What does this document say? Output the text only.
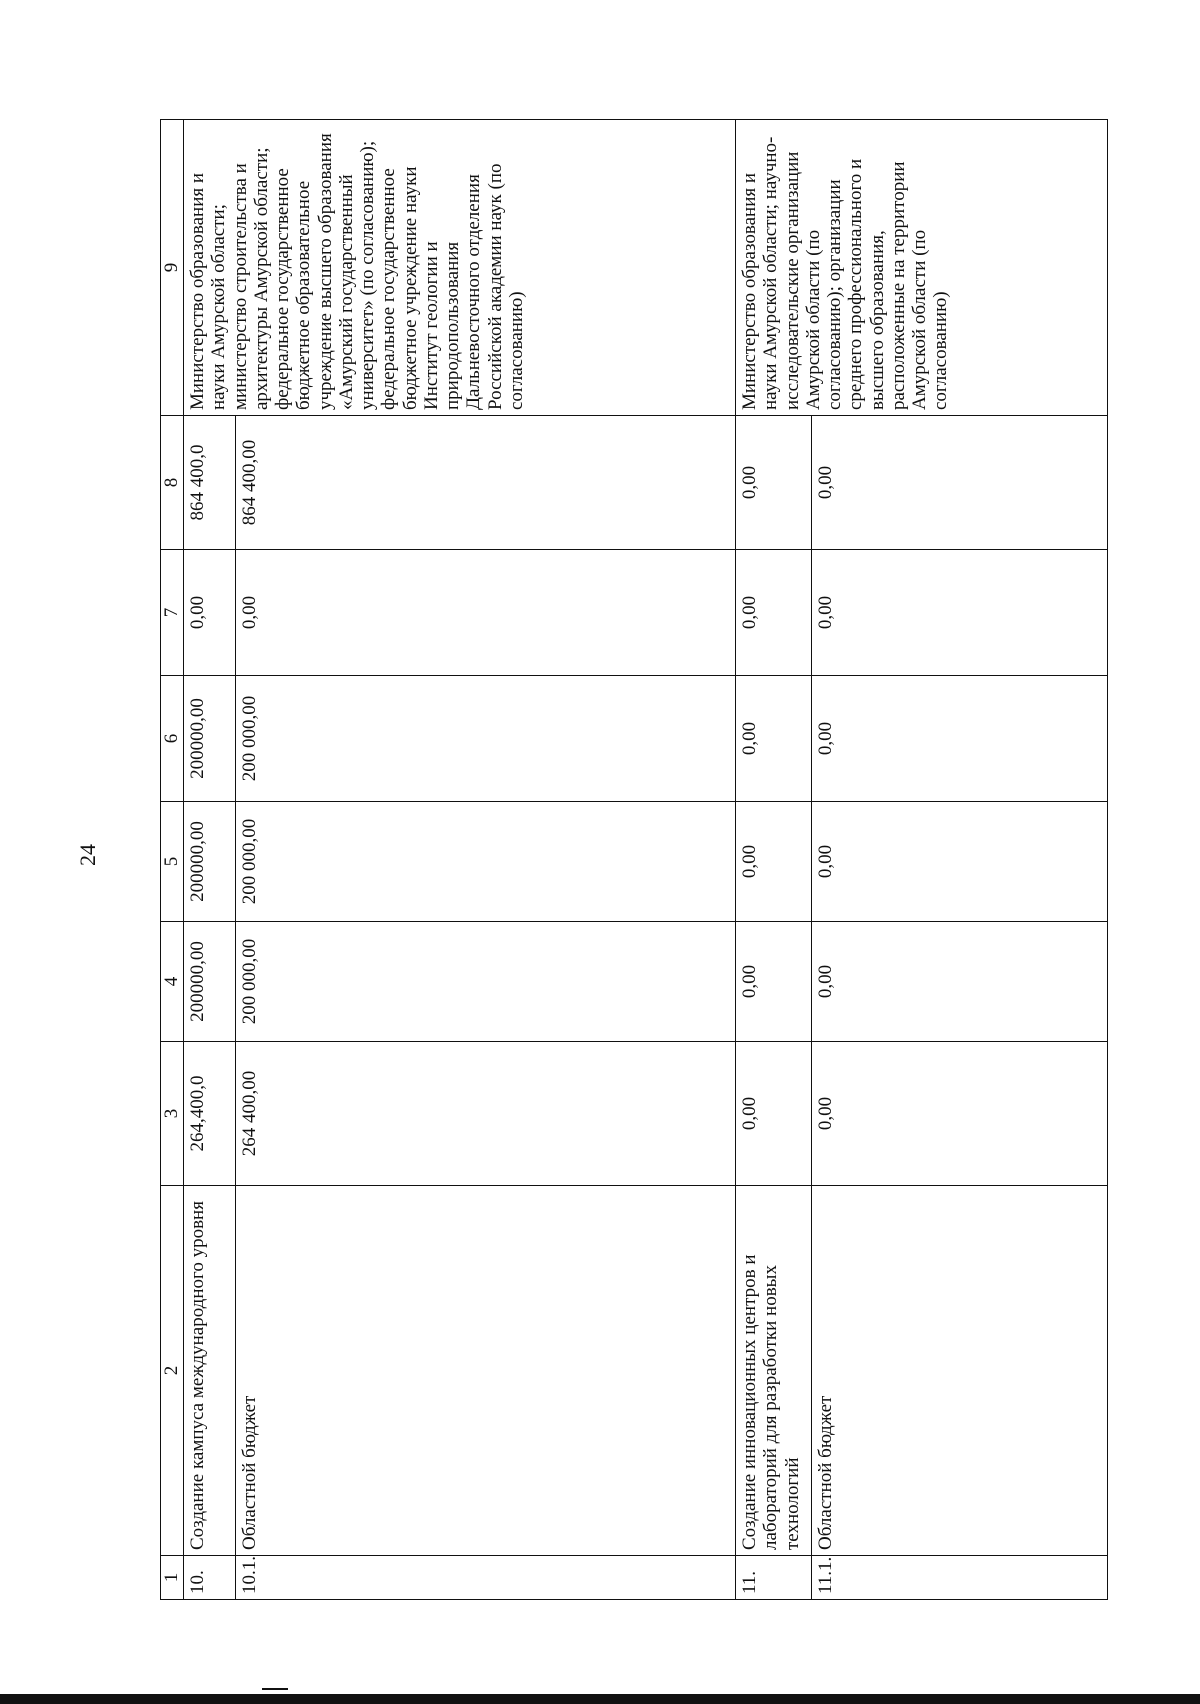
24
1	2	3	4	5	6	7	8	9
10.	Создание кампуса международного уровня	264,400,0	200000,00	200000,00	200000,00	0,00	864 400,0	Министерство образования и науки Амурской области; министерство строительства и архитектуры Амурской области; федеральное государственное бюджетное образовательное учреждение высшего образования «Амурский государственный университет» (по согласованию); федеральное государственное бюджетное учреждение науки Институт геологии и природопользования Дальневосточного отделения Российской академии наук (по согласованию)
10.1.	Областной бюджет	264 400,00	200 000,00	200 000,00	200 000,00	0,00	864 400,00	
11.	Создание инновационных центров и лабораторий для разработки новых технологий	0,00	0,00	0,00	0,00	0,00	0,00	Министерство образования и науки Амурской области; научно-исследовательские организации Амурской области (по согласованию); организации среднего профессионального и высшего образования, расположенные на территории Амурской области (по согласованию)
11.1.	Областной бюджет	0,00	0,00	0,00	0,00	0,00	0,00	
